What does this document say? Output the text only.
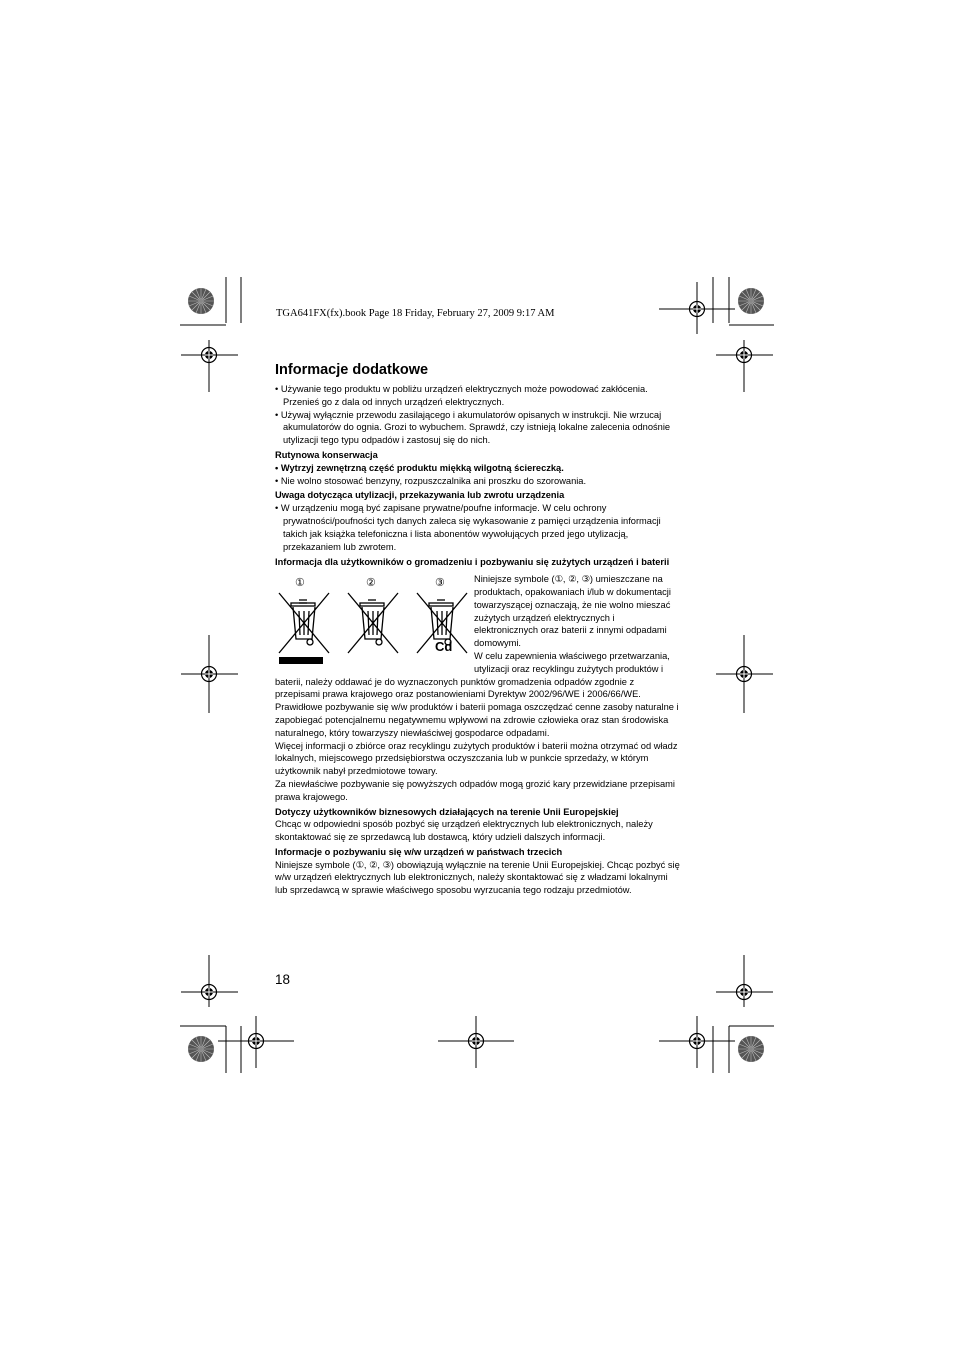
TGA641FX(fx).book Page 18 Friday, February 27, 2009 9:17 AM
Informacje dodatkowe

• Używanie tego produktu w pobliżu urządzeń elektrycznych może powodować zakłócenia. Przenieś go z dala od innych urządzeń elektrycznych.

• Używaj wyłącznie przewodu zasilającego i akumulatorów opisanych w instrukcji. Nie wrzucaj akumulatorów do ognia. Grozi to wybuchem. Sprawdź, czy istnieją lokalne zalecenia odnośnie utylizacji tego typu odpadów i zastosuj się do nich.

Rutynowa konserwacja

• Wytrzyj zewnętrzną część produktu miękką wilgotną ściereczką.

• Nie wolno stosować benzyny, rozpuszczalnika ani proszku do szorowania.

Uwaga dotycząca utylizacji, przekazywania lub zwrotu urządzenia

• W urządzeniu mogą być zapisane prywatne/poufne informacje. W celu ochrony prywatności/poufności tych danych zaleca się wykasowanie z pamięci urządzenia informacji takich jak książka telefoniczna i lista abonentów wywołujących przed jego utylizacją, przekazaniem lub zwrotem.

Informacja dla użytkowników o gromadzeniu i pozbywaniu się zużytych urządzeń i baterii

①	②	③
Cd

Niniejsze symbole (①, ②, ③) umieszczane na produktach, opakowaniach i/lub w dokumentacji towarzyszącej oznaczają, że nie wolno mieszać zużytych urządzeń elektrycznych i elektronicznych oraz baterii z innymi odpadami domowymi.

W celu zapewnienia właściwego przetwarzania, utylizacji oraz recyklingu zużytych produktów i baterii, należy oddawać je do wyznaczonych punktów gromadzenia odpadów zgodnie z przepisami prawa krajowego oraz postanowieniami Dyrektyw 2002/96/WE i 2006/66/WE.

Prawidłowe pozbywanie się w/w produktów i baterii pomaga oszczędzać cenne zasoby naturalne i zapobiegać potencjalnemu negatywnemu wpływowi na zdrowie człowieka oraz stan środowiska naturalnego, który towarzyszy niewłaściwej gospodarce odpadami.

Więcej informacji o zbiórce oraz recyklingu zużytych produktów i baterii można otrzymać od władz lokalnych, miejscowego przedsiębiorstwa oczyszczania lub w punkcie sprzedaży, w którym użytkownik nabył przedmiotowe towary.

Za niewłaściwe pozbywanie się powyższych odpadów mogą grozić kary przewidziane przepisami prawa krajowego.

Dotyczy użytkowników biznesowych działających na terenie Unii Europejskiej

Chcąc w odpowiedni sposób pozbyć się urządzeń elektrycznych lub elektronicznych, należy skontaktować się ze sprzedawcą lub dostawcą, który udzieli dalszych informacji.

Informacje o pozbywaniu się w/w urządzeń w państwach trzecich

Niniejsze symbole (①, ②, ③) obowiązują wyłącznie na terenie Unii Europejskiej. Chcąc pozbyć się w/w urządzeń elektrycznych lub elektronicznych, należy skontaktować się z władzami lokalnymi lub sprzedawcą w sprawie właściwego sposobu wyrzucania tego rodzaju przedmiotów.

18
